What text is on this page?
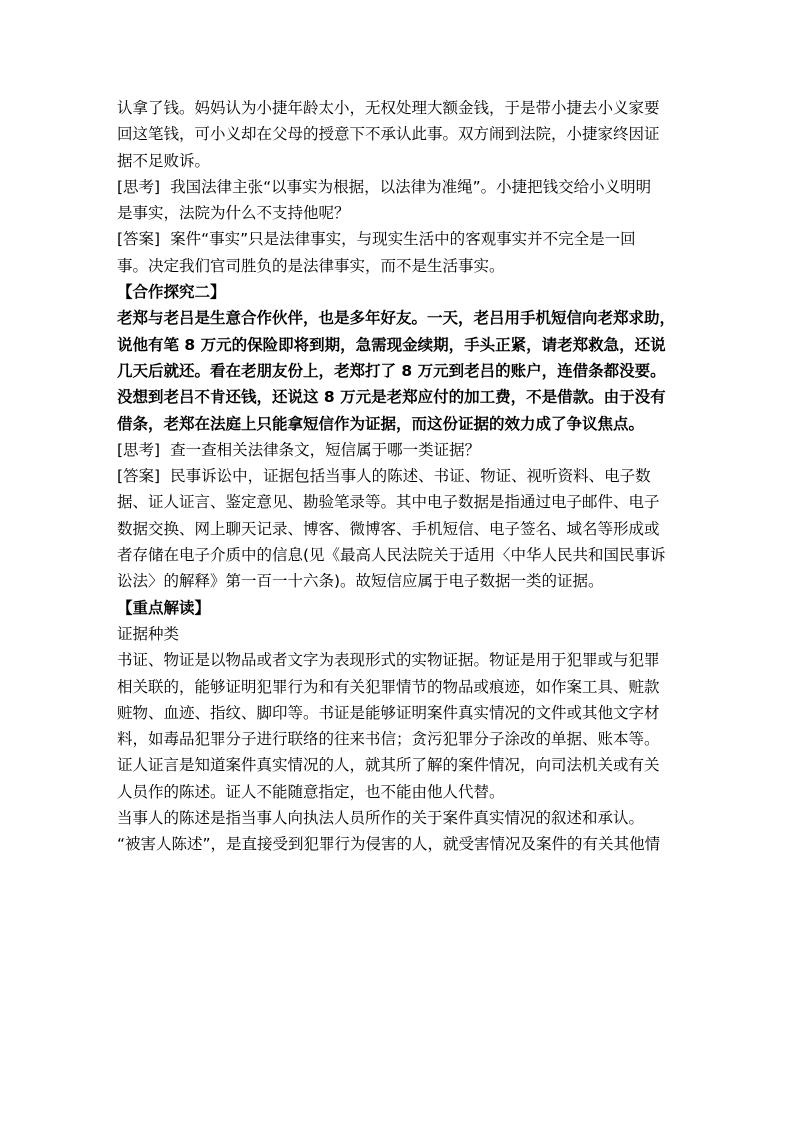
认拿了钱。妈妈认为小捷年龄太小，无权处理大额金钱，于是带小捷去小义家要
回这笔钱，可小义却在父母的授意下不承认此事。双方闹到法院，小捷家终因证
据不足败诉。
[思考] 我国法律主张“以事实为根据，以法律为准绳”。小捷把钱交给小义明明
是事实，法院为什么不支持他呢？
[答案] 案件“事实”只是法律事实，与现实生活中的客观事实并不完全是一回
事。决定我们官司胜负的是法律事实，而不是生活事实。
【合作探究二】
老郑与老吕是生意合作伙伴，也是多年好友。一天，老吕用手机短信向老郑求助，
说他有笔 8 万元的保险即将到期，急需现金续期，手头正紧，请老郑救急，还说
几天后就还。看在老朋友份上，老郑打了 8 万元到老吕的账户，连借条都没要。
没想到老吕不肯还钱，还说这 8 万元是老郑应付的加工费，不是借款。由于没有
借条，老郑在法庭上只能拿短信作为证据，而这份证据的效力成了争议焦点。
[思考] 查一查相关法律条文，短信属于哪一类证据？
[答案] 民事诉讼中，证据包括当事人的陈述、书证、物证、视听资料、电子数
据、证人证言、鉴定意见、勘验笔录等。其中电子数据是指通过电子邮件、电子
数据交换、网上聊天记录、博客、微博客、手机短信、电子签名、域名等形成或
者存储在电子介质中的信息(见《最高人民法院关于适用〈中华人民共和国民事诉
讼法〉的解释》第一百一十六条)。故短信应属于电子数据一类的证据。
【重点解读】
证据种类
书证、物证是以物品或者文字为表现形式的实物证据。物证是用于犯罪或与犯罪
相关联的，能够证明犯罪行为和有关犯罪情节的物品或痕迹，如作案工具、赃款
赃物、血迹、指纹、脚印等。书证是能够证明案件真实情况的文件或其他文字材
料，如毒品犯罪分子进行联络的往来书信；贪污犯罪分子涂改的单据、账本等。
证人证言是知道案件真实情况的人，就其所了解的案件情况，向司法机关或有关
人员作的陈述。证人不能随意指定，也不能由他人代替。
当事人的陈述是指当事人向执法人员所作的关于案件真实情况的叙述和承认。
“被害人陈述”，是直接受到犯罪行为侵害的人，就受害情况及案件的有关其他情
